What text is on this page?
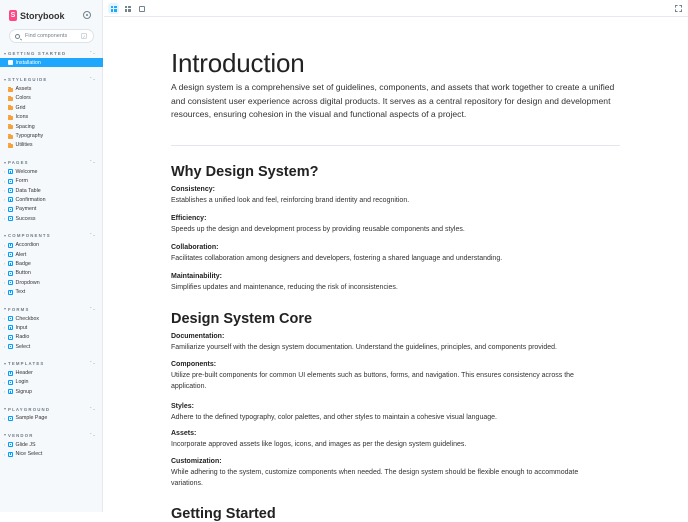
S Storybook
Find components	/
GETTING STARTED	⌃⌄
Installation
STYLEGUIDE	⌃⌄
Assets
Colors
Grid
Icons
Spacing
Typography
Utilities
PAGES	⌃⌄
›	Welcome
›	Form
›	Data Table
›	Confirmation
›	Payment
›	Success
COMPONENTS	⌃⌄
›	Accordion
›	Alert
›	Badge
›	Button
›	Dropdown
›	Text
FORMS	⌃⌄
›	Checkbox
›	Input
›	Radio
›	Select
TEMPLATES	⌃⌄
›	Header
›	Login
›	Signup
PLAYGROUND	⌃⌄
›	Sample Page
VENDOR	⌃⌄
›	Glide JS
›	Nice Select
Introduction

A design system is a comprehensive set of guidelines, components, and assets that work together to create a unified and consistent user experience across digital products. It serves as a central repository for design and development resources, ensuring cohesion in the visual and functional aspects of a project.

Why Design System?
Consistency:
Establishes a unified look and feel, reinforcing brand identity and recognition.
Efficiency:
Speeds up the design and development process by providing reusable components and styles.
Collaboration:
Facilitates collaboration among designers and developers, fostering a shared language and understanding.
Maintainability:
Simplifies updates and maintenance, reducing the risk of inconsistencies.
Design System Core
Documentation:
Familiarize yourself with the design system documentation. Understand the guidelines, principles, and components provided.
Components:
Utilize pre-built components for common UI elements such as buttons, forms, and navigation. This ensures consistency across the application.
Styles:
Adhere to the defined typography, color palettes, and other styles to maintain a cohesive visual language.
Assets:
Incorporate approved assets like logos, icons, and images as per the design system guidelines.
Customization:
While adhering to the system, customize components when needed. The design system should be flexible enough to accommodate variations.
Getting Started
